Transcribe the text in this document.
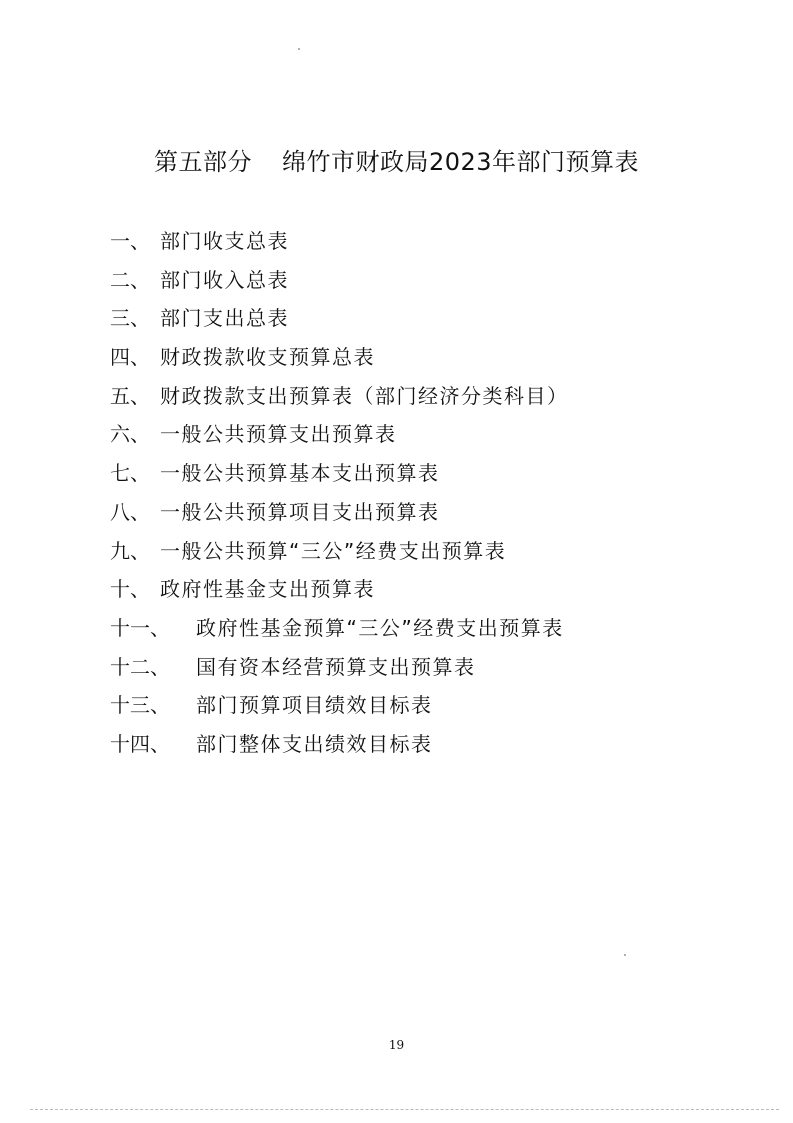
第五部分 绵竹市财政局2023年部门预算表
一、 部门收支总表
二、 部门收入总表
三、 部门支出总表
四、 财政拨款收支预算总表
五、 财政拨款支出预算表（部门经济分类科目）
六、 一般公共预算支出预算表
七、 一般公共预算基本支出预算表
八、 一般公共预算项目支出预算表
九、 一般公共预算“三公”经费支出预算表
十、 政府性基金支出预算表
十一、 政府性基金预算“三公”经费支出预算表
十二、 国有资本经营预算支出预算表
十三、 部门预算项目绩效目标表
十四、 部门整体支出绩效目标表
19
